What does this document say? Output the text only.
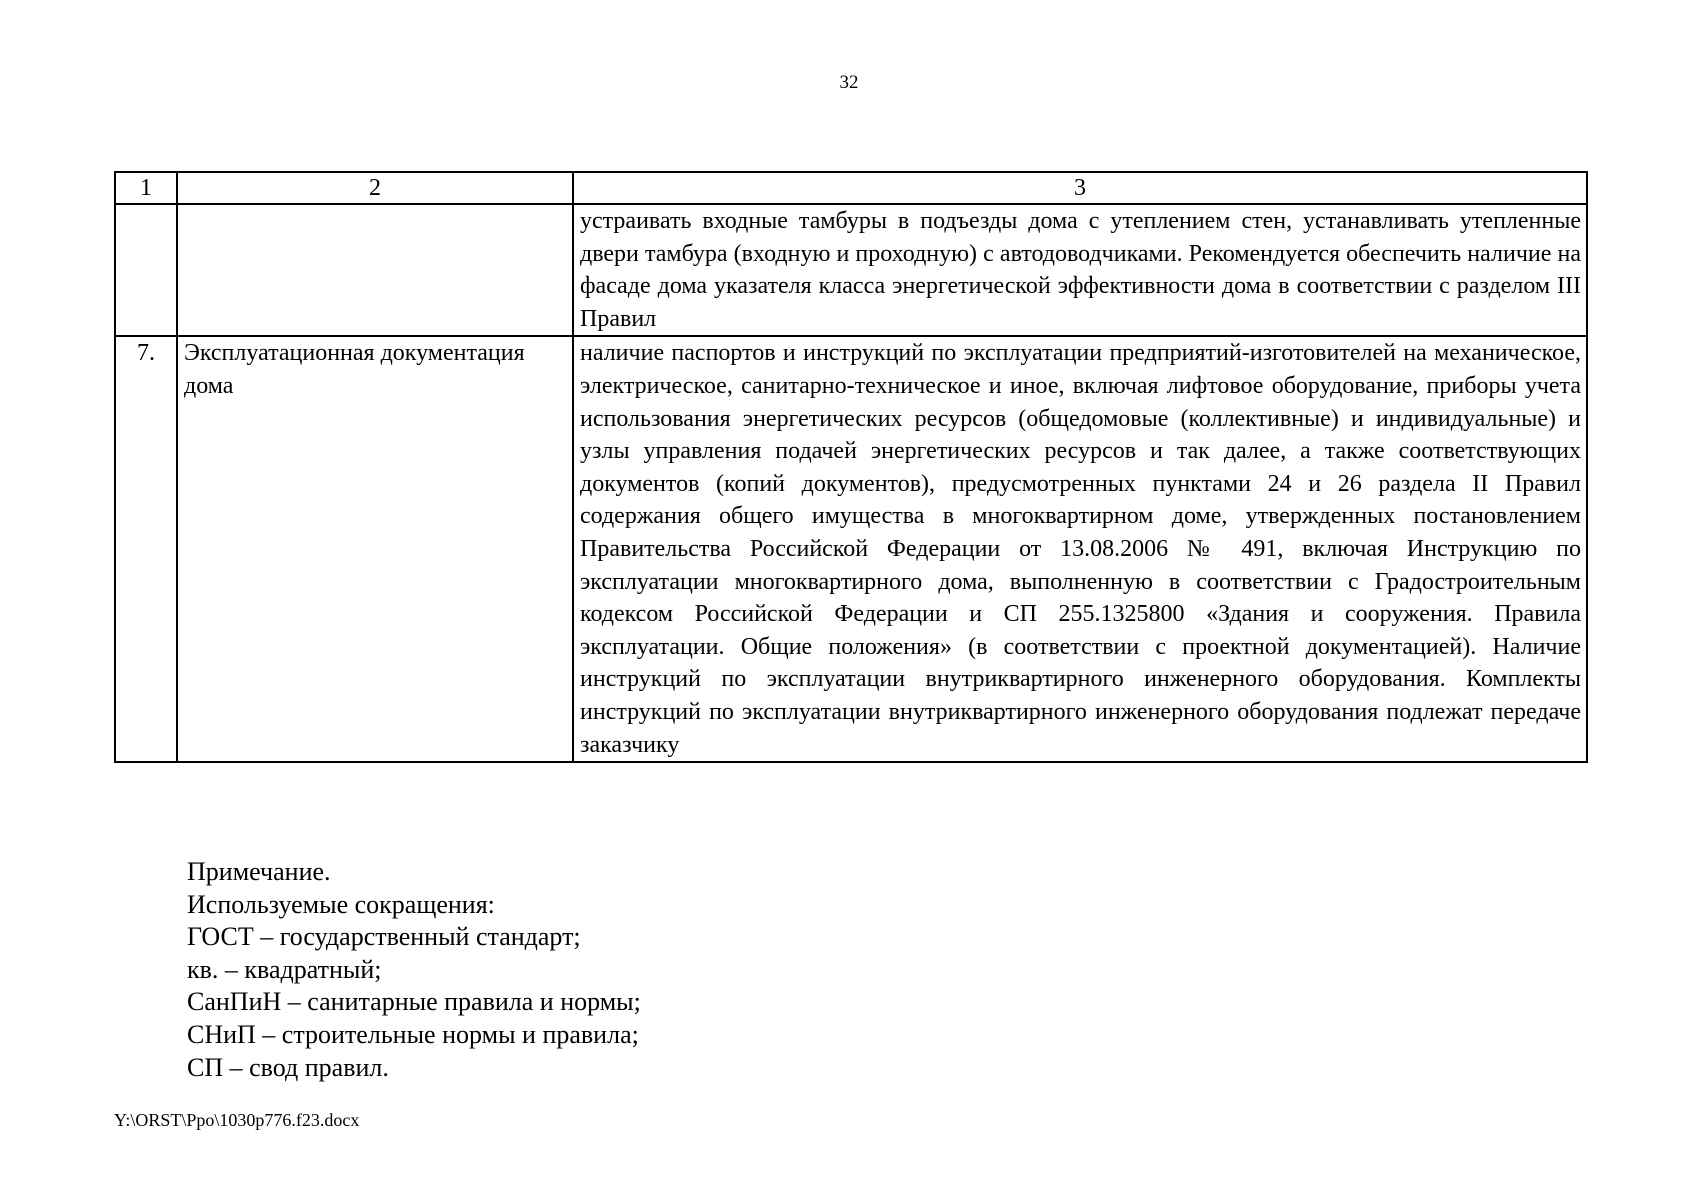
32
1	2	3
		устраивать входные тамбуры в подъезды дома с утеплением стен, устанавливать утепленные двери тамбура (входную и проходную) с автодоводчиками. Рекомендуется обеспечить наличие на фасаде дома указателя класса энергетической эффективности дома в соответствии с разделом III Правил
7.	Эксплуатационная документация дома	наличие паспортов и инструкций по эксплуатации предприятий-изготовителей на механическое, электрическое, санитарно-техническое и иное, включая лифтовое оборудование, приборы учета использования энергетических ресурсов (общедомовые (коллективные) и индивидуальные) и узлы управления подачей энергетических ресурсов и так далее, а также соответствующих документов (копий документов), предусмотренных пунктами 24 и 26 раздела II Правил содержания общего имущества в многоквартирном доме, утвержденных постановлением Правительства Российской Федерации от 13.08.2006 № 491, включая Инструкцию по эксплуатации многоквартирного дома, выполненную в соответствии с Градостроительным кодексом Российской Федерации и СП 255.1325800 «Здания и сооружения. Правила эксплуатации. Общие положения» (в соответствии с проектной документацией). Наличие инструкций по эксплуатации внутриквартирного инженерного оборудования. Комплекты инструкций по эксплуатации внутриквартирного инженерного оборудования подлежат передаче заказчику
Примечание.
Используемые сокращения:
ГОСТ – государственный стандарт;
кв. – квадратный;
СанПиН – санитарные правила и нормы;
СНиП – строительные нормы и правила;
СП – свод правил.
Y:\ORST\Ppo\1030p776.f23.docx
